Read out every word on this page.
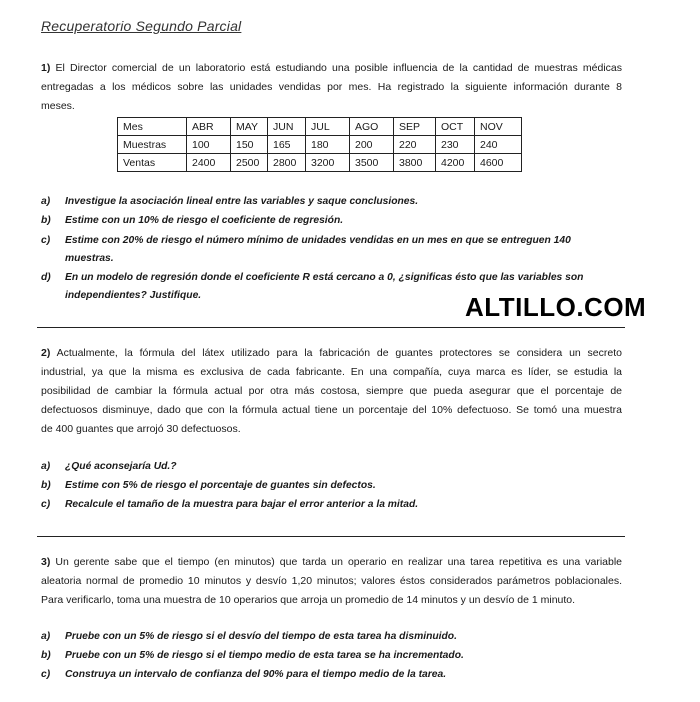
Recuperatorio Segundo Parcial
1) El Director comercial de un laboratorio está estudiando una posible influencia de la cantidad de muestras médicas
entregadas a los médicos sobre las unidades vendidas por mes. Ha registrado la siguiente información durante 8
meses.
Mes	ABR	MAY	JUN	JUL	AGO	SEP	OCT	NOV
Muestras	100	150	165	180	200	220	230	240
Ventas	2400	2500	2800	3200	3500	3800	4200	4600
a)	Investigue la asociación lineal entre las variables y saque conclusiones.
b)	Estime con un 10% de riesgo el coeficiente de regresión.
c)	Estime con 20% de riesgo el número mínimo de unidades vendidas en un mes en que se entreguen 140
muestras.
d)	En un modelo de regresión donde el coeficiente R está cercano a 0, ¿significas ésto que las variables son
independientes? Justifique.	ALTILLO.COM
2) Actualmente, la fórmula del látex utilizado para la fabricación de guantes protectores se considera un secreto
industrial, ya que la misma es exclusiva de cada fabricante. En una compañía, cuya marca es líder, se estudia la
posibilidad de cambiar la fórmula actual por otra más costosa, siempre que pueda asegurar que el porcentaje de
defectuosos disminuye, dado que con la fórmula actual tiene un porcentaje del 10% defectuoso. Se tomó una muestra
de 400 guantes que arrojó 30 defectuosos.
a)	¿Qué aconsejaría Ud.?
b)	Estime con 5% de riesgo el porcentaje de guantes sin defectos.
c)	Recalcule el tamaño de la muestra para bajar el error anterior a la mitad.
3) Un gerente sabe que el tiempo (en minutos) que tarda un operario en realizar una tarea repetitiva es una variable
aleatoria normal de promedio 10 minutos y desvío 1,20 minutos; valores éstos considerados parámetros poblacionales.
Para verificarlo, toma una muestra de 10 operarios que arroja un promedio de 14 minutos y un desvío de 1 minuto.
a)	Pruebe con un 5% de riesgo si el desvío del tiempo de esta tarea ha disminuido.
b)	Pruebe con un 5% de riesgo si el tiempo medio de esta tarea se ha incrementado.
c)	Construya un intervalo de confianza del 90% para el tiempo medio de la tarea.
